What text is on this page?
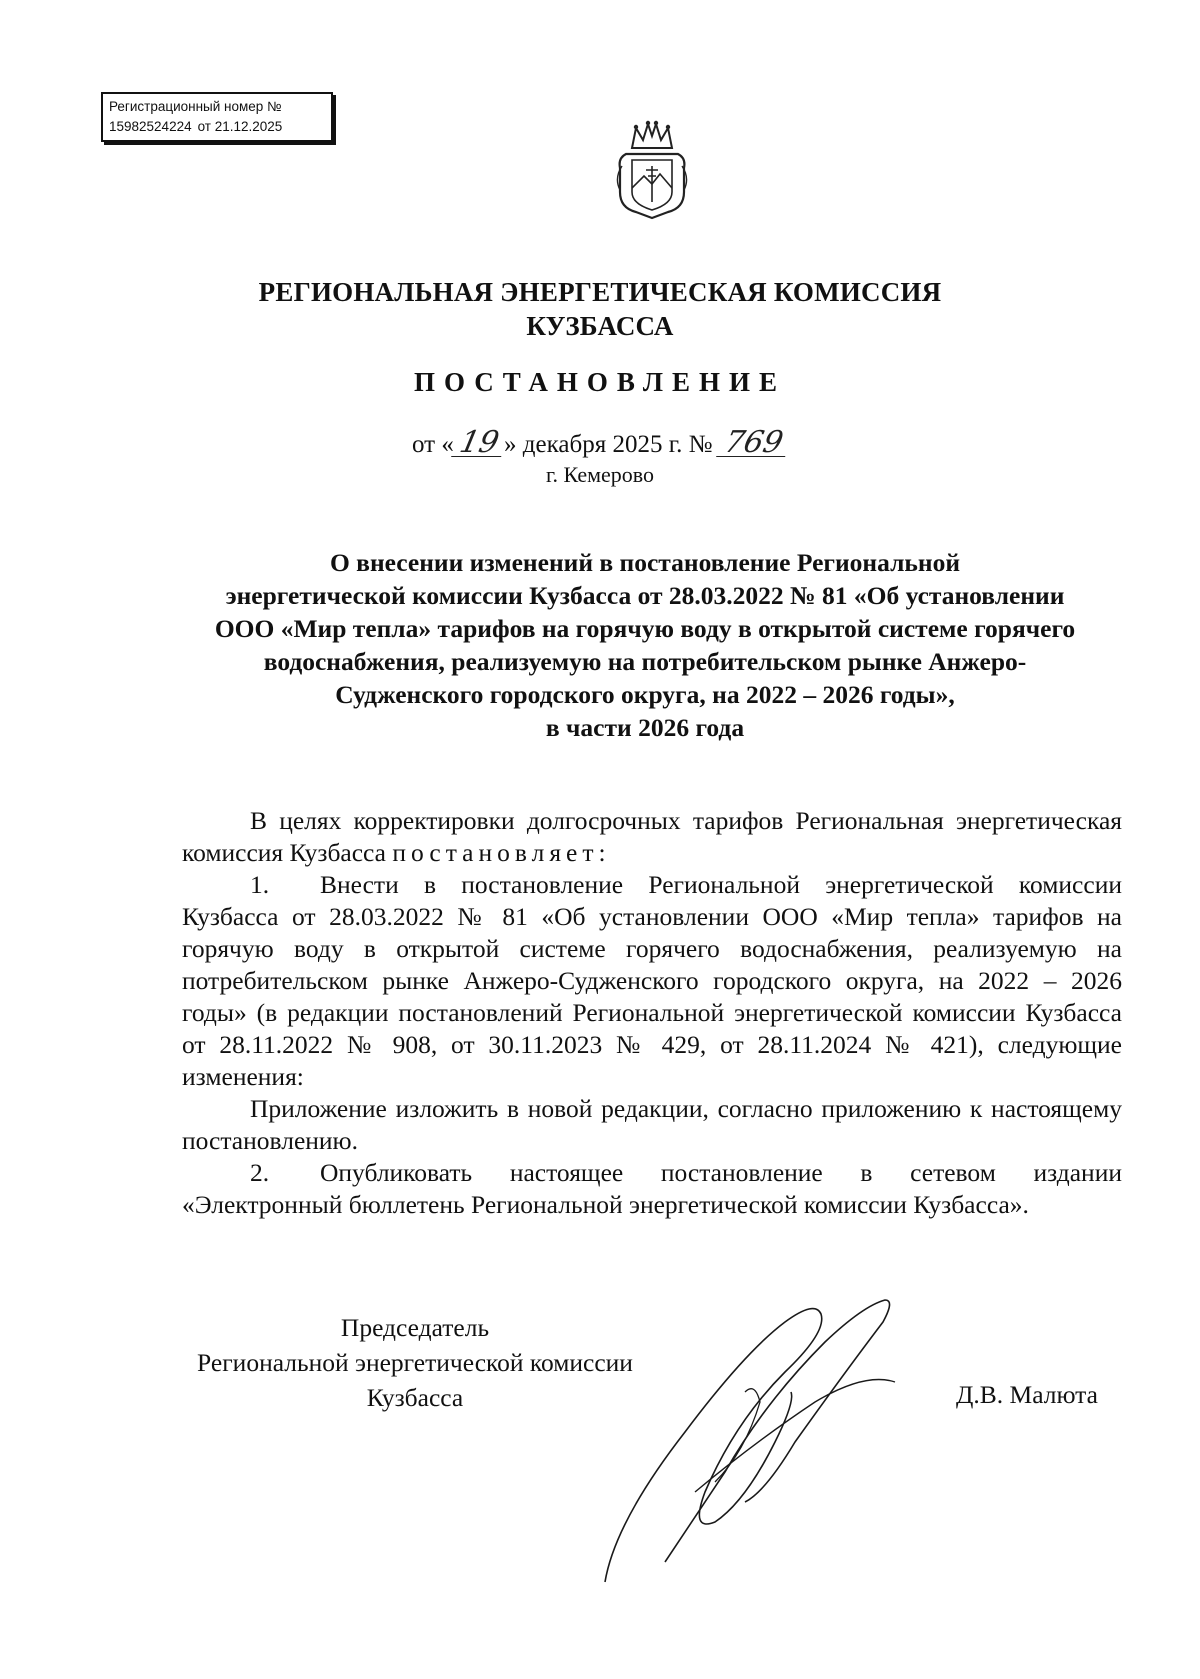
Регистрационный номер №
15982524224 от 21.12.2025
РЕГИОНАЛЬНАЯ ЭНЕРГЕТИЧЕСКАЯ КОМИССИЯ
КУЗБАССА
ПОСТАНОВЛЕНИЕ
от «19» декабря 2025 г. № 769
г. Кемерово
О внесении изменений в постановление Региональной
энергетической комиссии Кузбасса от 28.03.2022 № 81 «Об установлении
ООО «Мир тепла» тарифов на горячую воду в открытой системе горячего
водоснабжения, реализуемую на потребительском рынке Анжеро-
Судженского городского округа, на 2022 – 2026 годы»,
в части 2026 года

В целях корректировки долгосрочных тарифов Региональная энергетическая комиссия Кузбасса постановляет:

1. Внести в постановление Региональной энергетической комиссии Кузбасса от 28.03.2022 № 81 «Об установлении ООО «Мир тепла» тарифов на горячую воду в открытой системе горячего водоснабжения, реализуемую на потребительском рынке Анжеро-Судженского городского округа, на 2022 – 2026 годы» (в редакции постановлений Региональной энергетической комиссии Кузбасса от 28.11.2022 № 908, от 30.11.2023 № 429, от 28.11.2024 № 421), следующие изменения:

Приложение изложить в новой редакции, согласно приложению к настоящему постановлению.

2. Опубликовать настоящее постановление в сетевом издании «Электронный бюллетень Региональной энергетической комиссии Кузбасса».

Председатель
Региональной энергетической комиссии
Кузбасса	Д.В. Малюта
